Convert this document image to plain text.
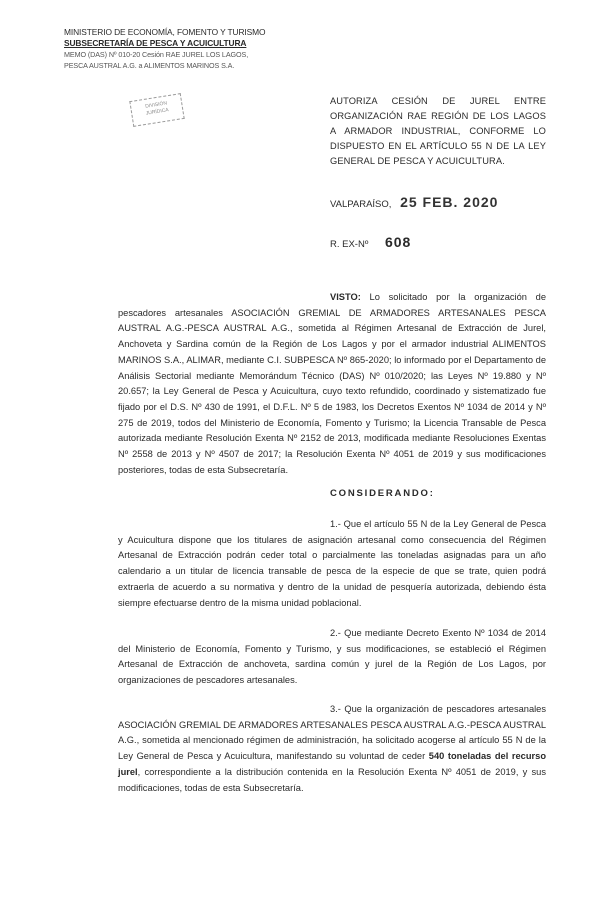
MINISTERIO DE ECONOMÍA, FOMENTO Y TURISMO
SUBSECRETARÍA DE PESCA Y ACUICULTURA
MEMO (DAS) Nº 010-20 Cesión RAE JUREL LOS LAGOS,
PESCA AUSTRAL A.G. a ALIMENTOS MARINOS S.A.
DIVISIÓN
JURÍDICA
AUTORIZA CESIÓN DE JUREL ENTRE ORGANIZACIÓN RAE REGIÓN DE LOS LAGOS A ARMADOR INDUSTRIAL, CONFORME LO DISPUESTO EN EL ARTÍCULO 55 N DE LA LEY GENERAL DE PESCA Y ACUICULTURA.
VALPARAÍSO, 25 FEB. 2020
R. EX-Nº 608
VISTO: Lo solicitado por la organización de pescadores artesanales ASOCIACIÓN GREMIAL DE ARMADORES ARTESANALES PESCA AUSTRAL A.G.-PESCA AUSTRAL A.G., sometida al Régimen Artesanal de Extracción de Jurel, Anchoveta y Sardina común de la Región de Los Lagos y por el armador industrial ALIMENTOS MARINOS S.A., ALIMAR, mediante C.I. SUBPESCA Nº 865-2020; lo informado por el Departamento de Análisis Sectorial mediante Memorándum Técnico (DAS) Nº 010/2020; las Leyes Nº 19.880 y Nº 20.657; la Ley General de Pesca y Acuicultura, cuyo texto refundido, coordinado y sistematizado fue fijado por el D.S. Nº 430 de 1991, el D.F.L. Nº 5 de 1983, los Decretos Exentos Nº 1034 de 2014 y Nº 275 de 2019, todos del Ministerio de Economía, Fomento y Turismo; la Licencia Transable de Pesca autorizada mediante Resolución Exenta Nº 2152 de 2013, modificada mediante Resoluciones Exentas Nº 2558 de 2013 y Nº 4507 de 2017; la Resolución Exenta Nº 4051 de 2019 y sus modificaciones posteriores, todas de esta Subsecretaría.
CONSIDERANDO:
1.- Que el artículo 55 N de la Ley General de Pesca y Acuicultura dispone que los titulares de asignación artesanal como consecuencia del Régimen Artesanal de Extracción podrán ceder total o parcialmente las toneladas asignadas para un año calendario a un titular de licencia transable de pesca de la especie de que se trate, quien podrá extraerla de acuerdo a su normativa y dentro de la unidad de pesquería autorizada, debiendo ésta siempre efectuarse dentro de la misma unidad poblacional.
2.- Que mediante Decreto Exento Nº 1034 de 2014 del Ministerio de Economía, Fomento y Turismo, y sus modificaciones, se estableció el Régimen Artesanal de Extracción de anchoveta, sardina común y jurel de la Región de Los Lagos, por organizaciones de pescadores artesanales.
3.- Que la organización de pescadores artesanales ASOCIACIÓN GREMIAL DE ARMADORES ARTESANALES PESCA AUSTRAL A.G.-PESCA AUSTRAL A.G., sometida al mencionado régimen de administración, ha solicitado acogerse al artículo 55 N de la Ley General de Pesca y Acuicultura, manifestando su voluntad de ceder 540 toneladas del recurso jurel, correspondiente a la distribución contenida en la Resolución Exenta Nº 4051 de 2019, y sus modificaciones, todas de esta Subsecretaría.
